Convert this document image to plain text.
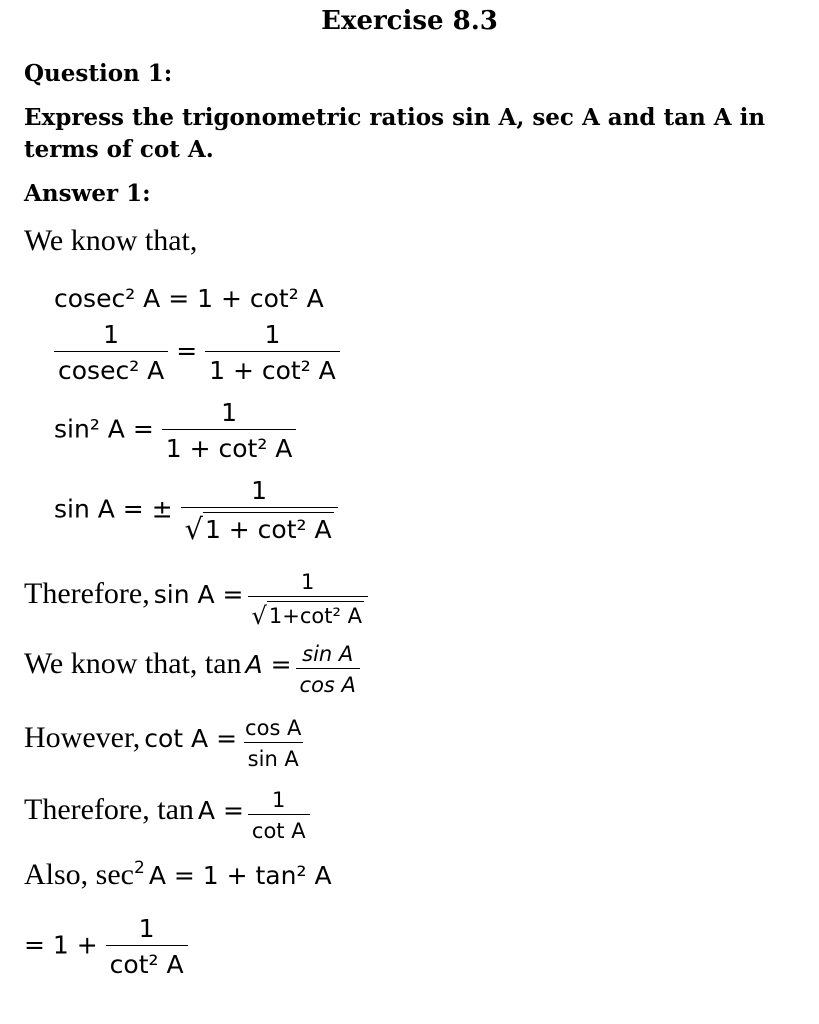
Exercise 8.3
Question 1:
Express the trigonometric ratios sin A, sec A and tan A in terms of cot A.
Answer 1:
We know that,
cosec² A = 1 + cot² A
$\frac{1}{\text{cosec² A}} = \frac{1}{\text{1 + cot² A}}$
sin² $A = \frac{1}{\text{1 + cot² A}}$
sin A = ± $\frac{1}{\text{√ 1 + cot² A}}$
Therefore, $\sin A = \frac{1}{\text{√ 1+cot² A}}$
We know that, $\tan A = \frac{\text{sin A}}{\text{cos A}}$
However, $\cot A = \frac{\text{cos A}}{\text{sin A}}$
Therefore, $\tan A = \frac{1}{\text{cot A}}$
Also, sec2 A = 1 + tan² A
= $1 + \frac{1}{\text{cot² A}}$
